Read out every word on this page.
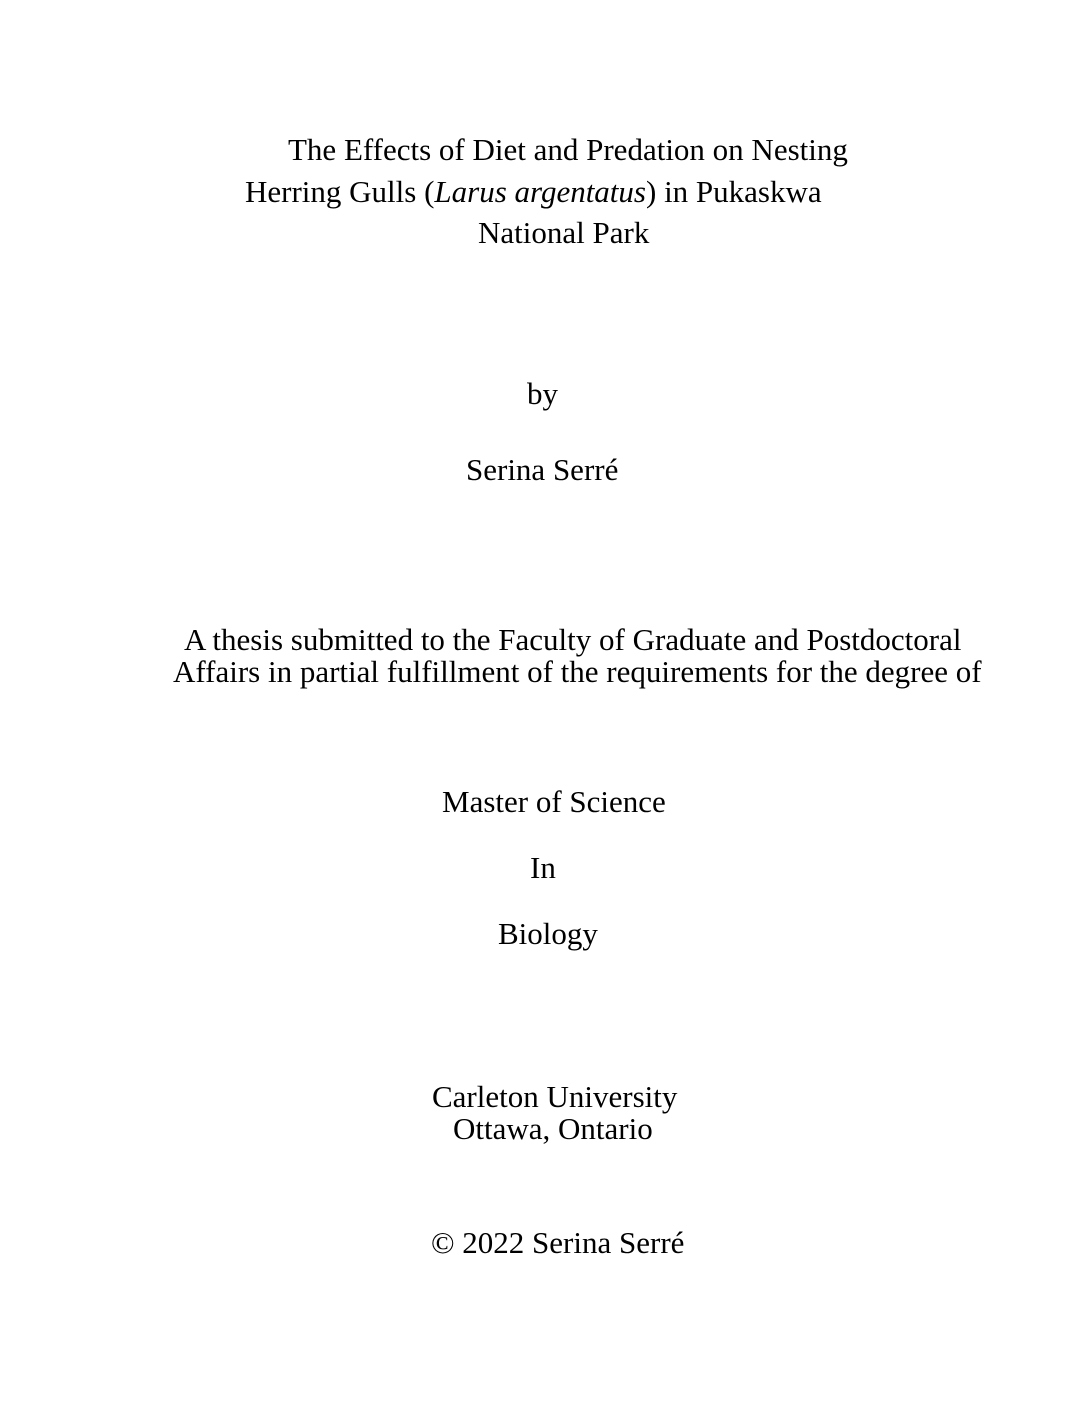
The Effects of Diet and Predation on Nesting
Herring Gulls (Larus argentatus) in Pukaskwa
National Park
by
Serina Serré
A thesis submitted to the Faculty of Graduate and Postdoctoral
Affairs in partial fulfillment of the requirements for the degree of
Master of Science
In
Biology
Carleton University
Ottawa, Ontario
© 2022 Serina Serré
